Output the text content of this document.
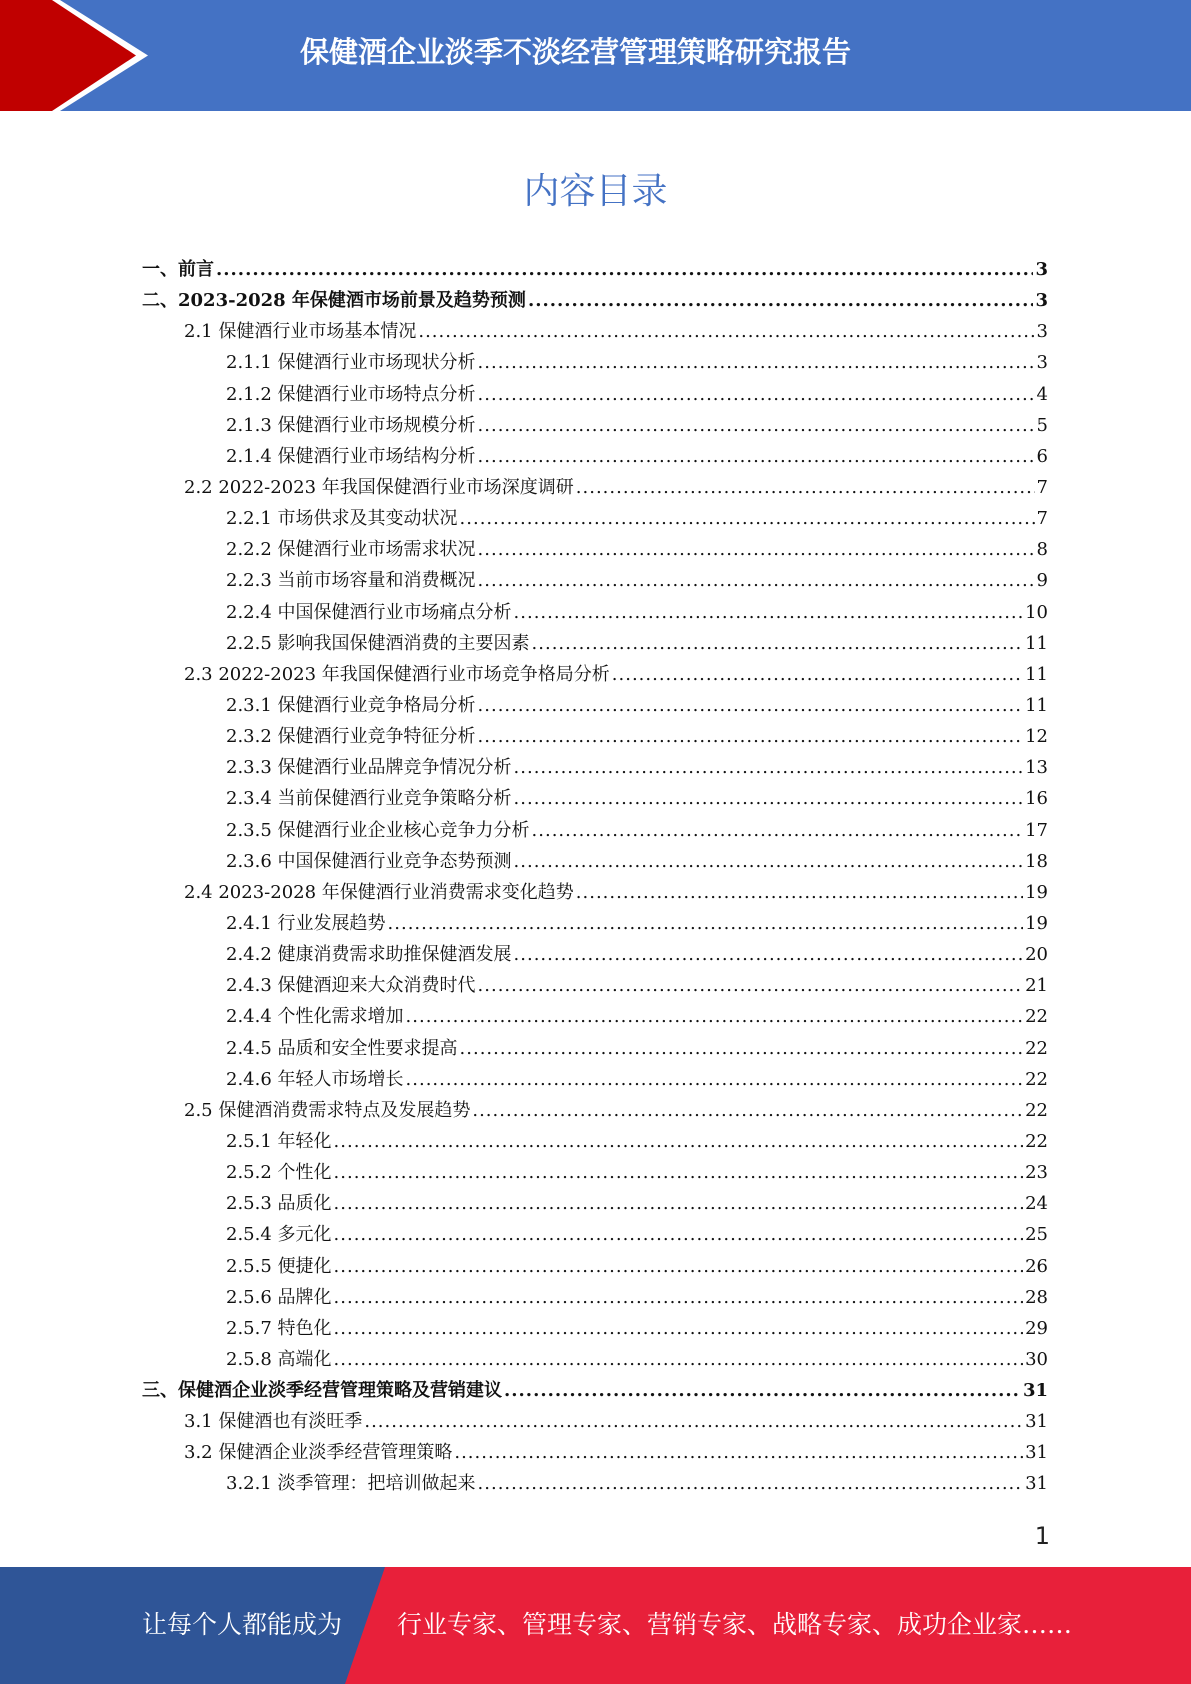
保健酒企业淡季不淡经营管理策略研究报告
内容目录
一、前言 .....	3
二、2023-2028 年保健酒市场前景及趋势预测 .....	3
2.1 保健酒行业市场基本情况 .....	3
2.1.1 保健酒行业市场现状分析 .....	3
2.1.2 保健酒行业市场特点分析 .....	4
2.1.3 保健酒行业市场规模分析 .....	5
2.1.4 保健酒行业市场结构分析 .....	6
2.2 2022-2023 年我国保健酒行业市场深度调研 .....	7
2.2.1 市场供求及其变动状况 .....	7
2.2.2 保健酒行业市场需求状况 .....	8
2.2.3 当前市场容量和消费概况 .....	9
2.2.4 中国保健酒行业市场痛点分析 .....	10
2.2.5 影响我国保健酒消费的主要因素 .....	11
2.3 2022-2023 年我国保健酒行业市场竞争格局分析 .....	11
2.3.1 保健酒行业竞争格局分析 .....	11
2.3.2 保健酒行业竞争特征分析 .....	12
2.3.3 保健酒行业品牌竞争情况分析 .....	13
2.3.4 当前保健酒行业竞争策略分析 .....	16
2.3.5 保健酒行业企业核心竞争力分析 .....	17
2.3.6 中国保健酒行业竞争态势预测 .....	18
2.4 2023-2028 年保健酒行业消费需求变化趋势 .....	19
2.4.1 行业发展趋势 .....	19
2.4.2 健康消费需求助推保健酒发展 .....	20
2.4.3 保健酒迎来大众消费时代 .....	21
2.4.4 个性化需求增加 .....	22
2.4.5 品质和安全性要求提高 .....	22
2.4.6 年轻人市场增长 .....	22
2.5 保健酒消费需求特点及发展趋势 .....	22
2.5.1 年轻化 .....	22
2.5.2 个性化 .....	23
2.5.3 品质化 .....	24
2.5.4 多元化 .....	25
2.5.5 便捷化 .....	26
2.5.6 品牌化 .....	28
2.5.7 特色化 .....	29
2.5.8 高端化 .....	30
三、保健酒企业淡季经营管理策略及营销建议 .....	31
3.1 保健酒也有淡旺季 .....	31
3.2 保健酒企业淡季经营管理策略 .....	31
3.2.1 淡季管理：把培训做起来 .....	31
1
让每个人都能成为 行业专家、管理专家、营销专家、战略专家、成功企业家……
